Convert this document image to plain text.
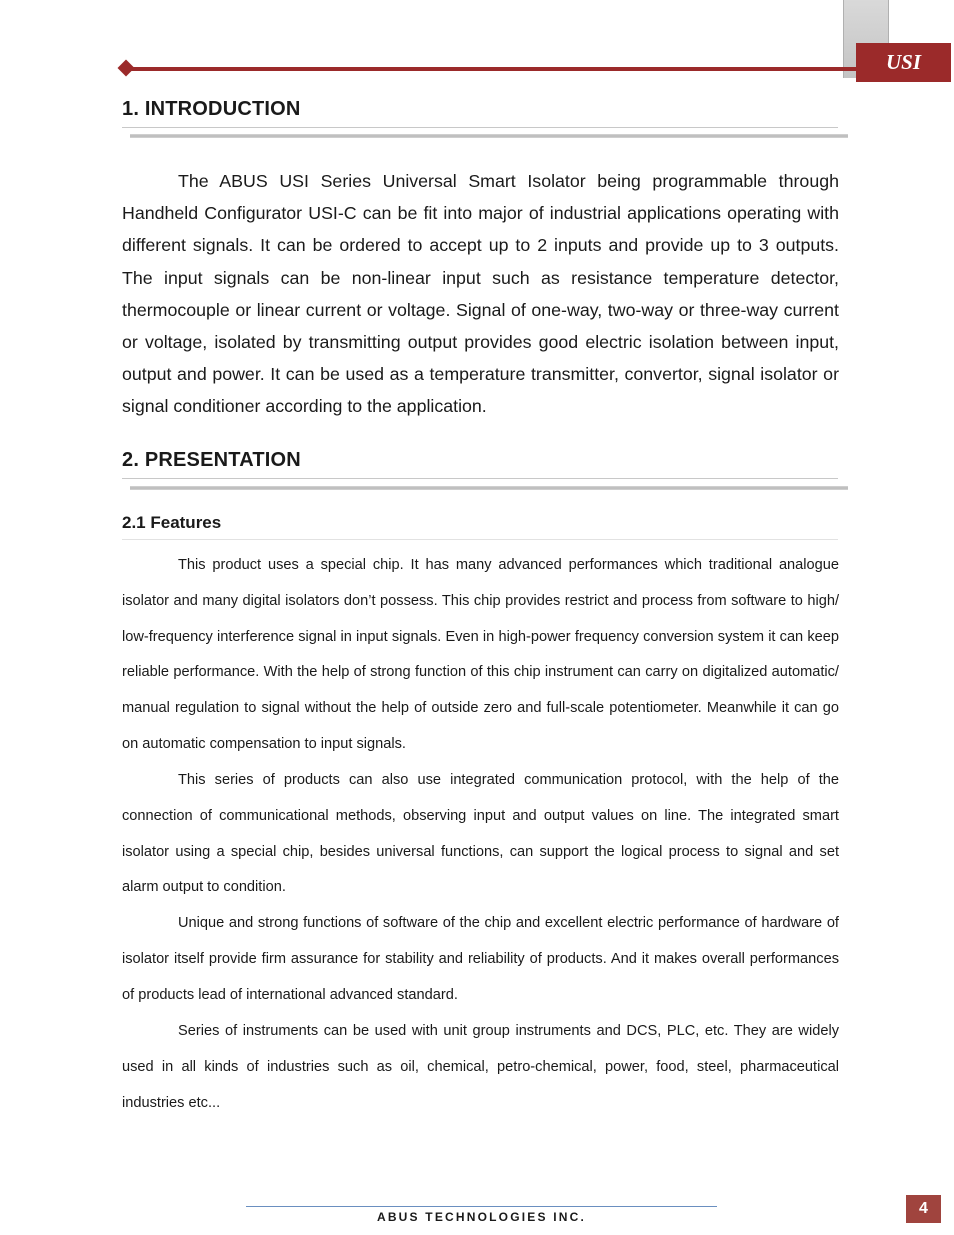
USI
1. INTRODUCTION

The ABUS USI Series Universal Smart Isolator being programmable through Handheld Configurator USI-C can be fit into major of industrial applications operating with different signals. It can be ordered to accept up to 2 inputs and provide up to 3 outputs. The input signals can be non-linear input such as resistance temperature detector, thermocouple or linear current or voltage. Signal of one-way, two-way or three-way current or voltage, isolated by transmitting output provides good electric isolation between input, output and power. It can be used as a temperature transmitter, convertor, signal isolator or signal conditioner according to the application.

2. PRESENTATION
2.1 Features

This product uses a special chip. It has many advanced performances which traditional analogue isolator and many digital isolators don’t possess. This chip provides restrict and process from software to high/ low-frequency interference signal in input signals. Even in high-power frequency conversion system it can keep reliable performance. With the help of strong function of this chip instrument can carry on digitalized automatic/ manual regulation to signal without the help of outside zero and full-scale potentiometer. Meanwhile it can go on automatic compensation to input signals.

This series of products can also use integrated communication protocol, with the help of the connection of communicational methods, observing input and output values on line. The integrated smart isolator using a special chip, besides universal functions, can support the logical process to signal and set alarm output to condition.

Unique and strong functions of software of the chip and excellent electric performance of hardware of isolator itself provide firm assurance for stability and reliability of products. And it makes overall performances of products lead of international advanced standard.

Series of instruments can be used with unit group instruments and DCS, PLC, etc. They are widely used in all kinds of industries such as oil, chemical, petro-chemical, power, food, steel, pharmaceutical industries etc...

ABUS TECHNOLOGIES INC.	4
